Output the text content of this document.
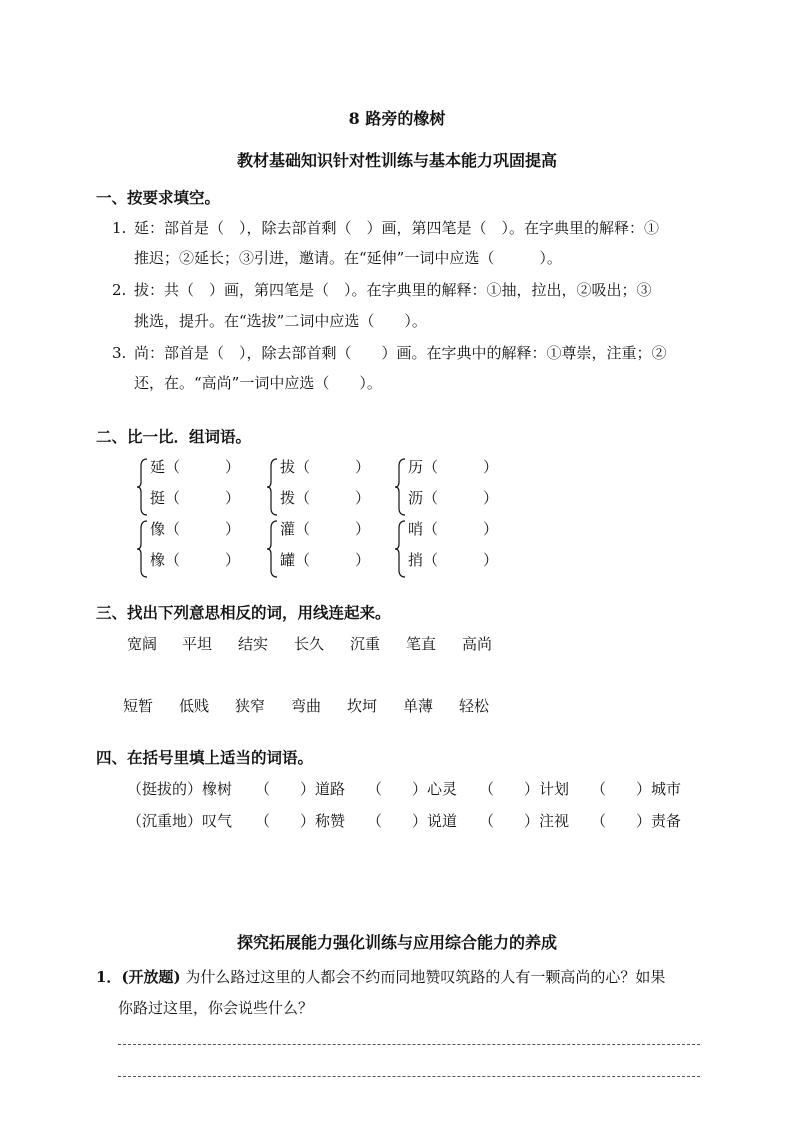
8 路旁的橡树
教材基础知识针对性训练与基本能力巩固提高
一、按要求填空。
1. 延：部首是（　），除去部首剩（　）画，第四笔是（　）。在字典里的解释：①
推迟；②延长；③引进，邀请。在“延伸”一词中应选（　　　）。
2. 拔：共（　）画，第四笔是（　）。在字典里的解释：①抽，拉出，②吸出；③
挑选，提升。在“选拔”二词中应选（　　）。
3. 尚：部首是（　），除去部首剩（　　）画。在字典中的解释：①尊崇，注重；②
还，在。“高尚”一词中应选（　　）。
二、比一比．组词语。
延（　　　）
挺（　　　）
拔（　　　）
拨（　　　）
历（　　　）
沥（　　　）
像（　　　）
橡（　　　）
灌（　　　）
罐（　　　）
哨（　　　）
捎（　　　）
三、找出下列意思相反的词，用线连起来。
宽阔 平坦 结实 长久 沉重 笔直 高尚
短暂 低贱 狭窄 弯曲 坎坷 单薄 轻松
四、在括号里填上适当的词语。
（挺拔的）橡树 （　　）道路 （　　）心灵 （　　）计划 （　　）城市
（沉重地）叹气 （　　）称赞 （　　）说道 （　　）注视 （　　）责备
探究拓展能力强化训练与应用综合能力的养成
1．(开放题) 为什么路过这里的人都会不约而同地赞叹筑路的人有一颗高尚的心？如果
你路过这里，你会说些什么？
